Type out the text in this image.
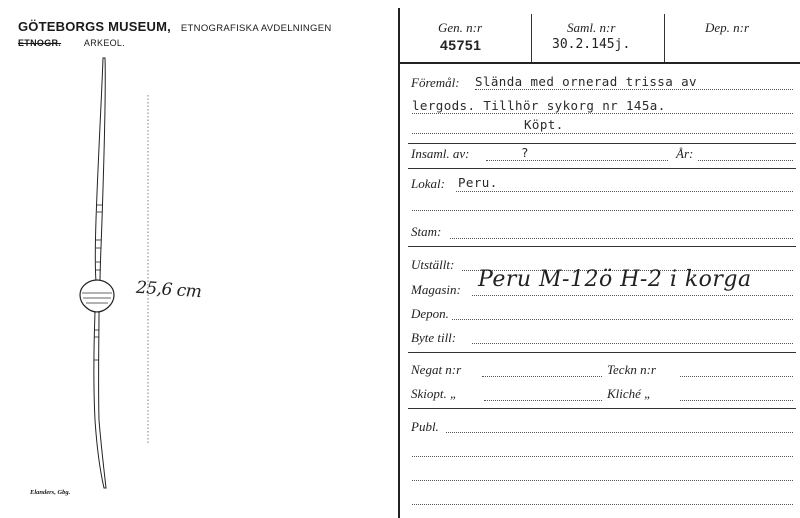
GÖTEBORGS MUSEUM, ETNOGRAFISKA AVDELNINGEN
ETNOGR.	ARKEOL.
25,6 cm
Elanders, Gbg.
Gen. n:r
45751
Saml. n:r
30.2.145j.
Dep. n:r
Föremål: Slända med ornerad trissa av
lergods. Tillhör sykorg nr 145a.
Köpt.
Insaml. av:	?	År:
Lokal: Peru.
Stam:
Utställt:
Magasin: Peru M-12ö H-2 i korga
Depon.
Byte till:
Negat n:r	Teckn n:r
Skiopt. „	Kliché „
Publ.
